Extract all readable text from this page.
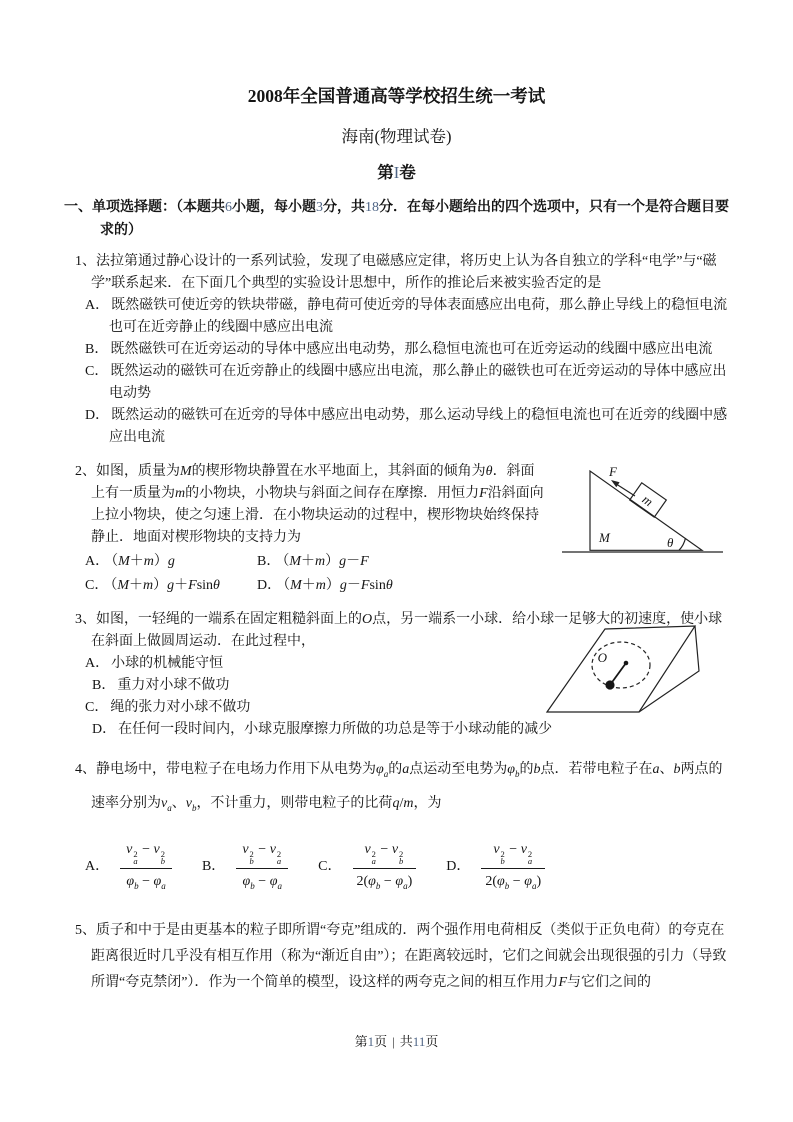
2008年全国普通高等学校招生统一考试
海南(物理试卷)
第I卷
一、单项选择题：（本题共6小题，每小题3分，共18分．在每小题给出的四个选项中，只有一个是符合题目要求的）
1、法拉第通过静心设计的一系列试验，发现了电磁感应定律，将历史上认为各自独立的学科“电学”与“磁学”联系起来．在下面几个典型的实验设计思想中，所作的推论后来被实验否定的是
A． 既然磁铁可使近旁的铁块带磁，静电荷可使近旁的导体表面感应出电荷，那么静止导线上的稳恒电流也可在近旁静止的线圈中感应出电流
B． 既然磁铁可在近旁运动的导体中感应出电动势，那么稳恒电流也可在近旁运动的线圈中感应出电流
C． 既然运动的磁铁可在近旁静止的线圈中感应出电流，那么静止的磁铁也可在近旁运动的导体中感应出电动势
D． 既然运动的磁铁可在近旁的导体中感应出电动势，那么运动导线上的稳恒电流也可在近旁的线圈中感应出电流
m
F
M	θ
2、如图，质量为M的楔形物块静置在水平地面上，其斜面的倾角为θ．斜面上有一质量为m的小物块，小物块与斜面之间存在摩擦．用恒力F沿斜面向上拉小物块，使之匀速上滑．在小物块运动的过程中，楔形物块始终保持静止．地面对楔形物块的支持力为
A． （M＋m）g	B． （M＋m）g－F
C． （M＋m）g＋Fsinθ	D． （M＋m）g－Fsinθ
O
3、如图，一轻绳的一端系在固定粗糙斜面上的O点，另一端系一小球．给小球一足够大的初速度，使小球在斜面上做圆周运动．在此过程中，
A． 小球的机械能守恒
B． 重力对小球不做功
C． 绳的张力对小球不做功
D． 在任何一段时间内，小球克服摩擦力所做的功总是等于小球动能的减少
4、静电场中，带电粒子在电场力作用下从电势为$\varphi_a$的a点运动至电势为$\varphi_b$的b点．若带电粒子在a、b两点的速率分别为$v_a$、$v_b$，不计重力，则带电粒子的比荷q/m，为
A． v 2
a
− v 2
b
$\varphi_b - \varphi_a$ B． v 2
b
− v 2
a
$\varphi_b - \varphi_a$ C． v 2
a
− v 2
b
$2(\varphi_b - \varphi_a)$ D． v 2
b
− v 2
a
$2(\varphi_b - \varphi_a)$
5、质子和中于是由更基本的粒子即所谓“夸克”组成的．两个强作用电荷相反（类似于正负电荷）的夸克在距离很近时几乎没有相互作用（称为“渐近自由”）；在距离较远时，它们之间就会出现很强的引力（导致所谓“夸克禁闭”）．作为一个简单的模型，设这样的两夸克之间的相互作用力F与它们之间的
第1页 | 共11页
